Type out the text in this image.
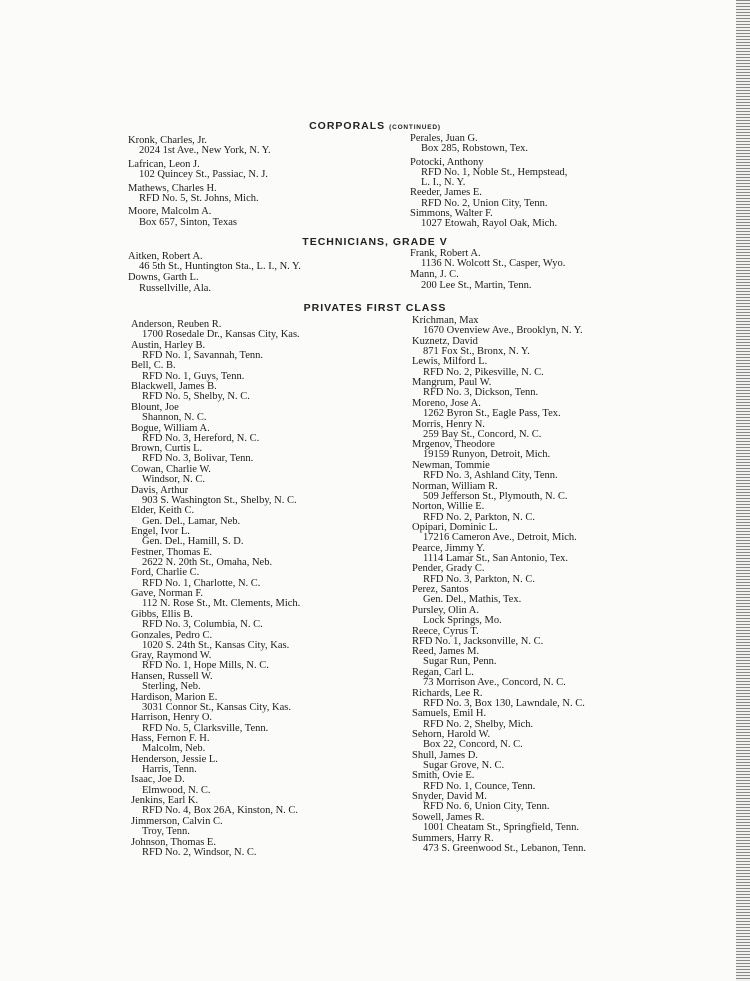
CORPORALS (CONTINUED)
Kronk, Charles, Jr.
2024 1st Ave., New York, N. Y.
Lafrican, Leon J.
102 Quincey St., Passiac, N. J.
Mathews, Charles H.
RFD No. 5, St. Johns, Mich.
Moore, Malcolm A.
Box 657, Sinton, Texas
Perales, Juan G.
Box 285, Robstown, Tex.
Potocki, Anthony
RFD No. 1, Noble St., Hempstead,
L. I., N. Y.
Reeder, James E.
RFD No. 2, Union City, Tenn.
Simmons, Walter F.
1027 Etowah, Rayol Oak, Mich.
TECHNICIANS, GRADE V
Aitken, Robert A.
46 5th St., Huntington Sta., L. I., N. Y.
Downs, Garth L.
Russellville, Ala.
Frank, Robert A.
1136 N. Wolcott St., Casper, Wyo.
Mann, J. C.
200 Lee St., Martin, Tenn.
PRIVATES FIRST CLASS
Anderson, Reuben R.
1700 Rosedale Dr., Kansas City, Kas.
Austin, Harley B.
RFD No. 1, Savannah, Tenn.
Bell, C. B.
RFD No. 1, Guys, Tenn.
Blackwell, James B.
RFD No. 5, Shelby, N. C.
Blount, Joe
Shannon, N. C.
Bogue, William A.
RFD No. 3, Hereford, N. C.
Brown, Curtis L.
RFD No. 3, Bolivar, Tenn.
Cowan, Charlie W.
Windsor, N. C.
Davis, Arthur
903 S. Washington St., Shelby, N. C.
Elder, Keith C.
Gen. Del., Lamar, Neb.
Engel, Ivor L.
Gen. Del., Hamill, S. D.
Festner, Thomas E.
2622 N. 20th St., Omaha, Neb.
Ford, Charlie C.
RFD No. 1, Charlotte, N. C.
Gave, Norman F.
112 N. Rose St., Mt. Clements, Mich.
Gibbs, Ellis B.
RFD No. 3, Columbia, N. C.
Gonzales, Pedro C.
1020 S. 24th St., Kansas City, Kas.
Gray, Raymond W.
RFD No. 1, Hope Mills, N. C.
Hansen, Russell W.
Sterling, Neb.
Hardison, Marion E.
3031 Connor St., Kansas City, Kas.
Harrison, Henry O.
RFD No. 5, Clarksville, Tenn.
Hass, Fernon F. H.
Malcolm, Neb.
Henderson, Jessie L.
Harris, Tenn.
Isaac, Joe D.
Elmwood, N. C.
Jenkins, Earl K.
RFD No. 4, Box 26A, Kinston, N. C.
Jimmerson, Calvin C.
Troy, Tenn.
Johnson, Thomas E.
RFD No. 2, Windsor, N. C.
Krichman, Max
1670 Ovenview Ave., Brooklyn, N. Y.
Kuznetz, David
871 Fox St., Bronx, N. Y.
Lewis, Milford L.
RFD No. 2, Pikesville, N. C.
Mangrum, Paul W.
RFD No. 3, Dickson, Tenn.
Moreno, Jose A.
1262 Byron St., Eagle Pass, Tex.
Morris, Henry N.
259 Bay St., Concord, N. C.
Mrgenov, Theodore
19159 Runyon, Detroit, Mich.
Newman, Tommie
RFD No. 3, Ashland City, Tenn.
Norman, William R.
509 Jefferson St., Plymouth, N. C.
Norton, Willie E.
RFD No. 2, Parkton, N. C.
Opipari, Dominic L.
17216 Cameron Ave., Detroit, Mich.
Pearce, Jimmy Y.
1114 Lamar St., San Antonio, Tex.
Pender, Grady C.
RFD No. 3, Parkton, N. C.
Perez, Santos
Gen. Del., Mathis, Tex.
Pursley, Olin A.
Lock Springs, Mo.
Reece, Cyrus T.
RFD No. 1, Jacksonville, N. C.
Reed, James M.
Sugar Run, Penn.
Regan, Carl L.
73 Morrison Ave., Concord, N. C.
Richards, Lee R.
RFD No. 3, Box 130, Lawndale, N. C.
Samuels, Emil H.
RFD No. 2, Shelby, Mich.
Sehorn, Harold W.
Box 22, Concord, N. C.
Shull, James D.
Sugar Grove, N. C.
Smith, Ovie E.
RFD No. 1, Counce, Tenn.
Snyder, David M.
RFD No. 6, Union City, Tenn.
Sowell, James R.
1001 Cheatam St., Springfield, Tenn.
Summers, Harry R.
473 S. Greenwood St., Lebanon, Tenn.
